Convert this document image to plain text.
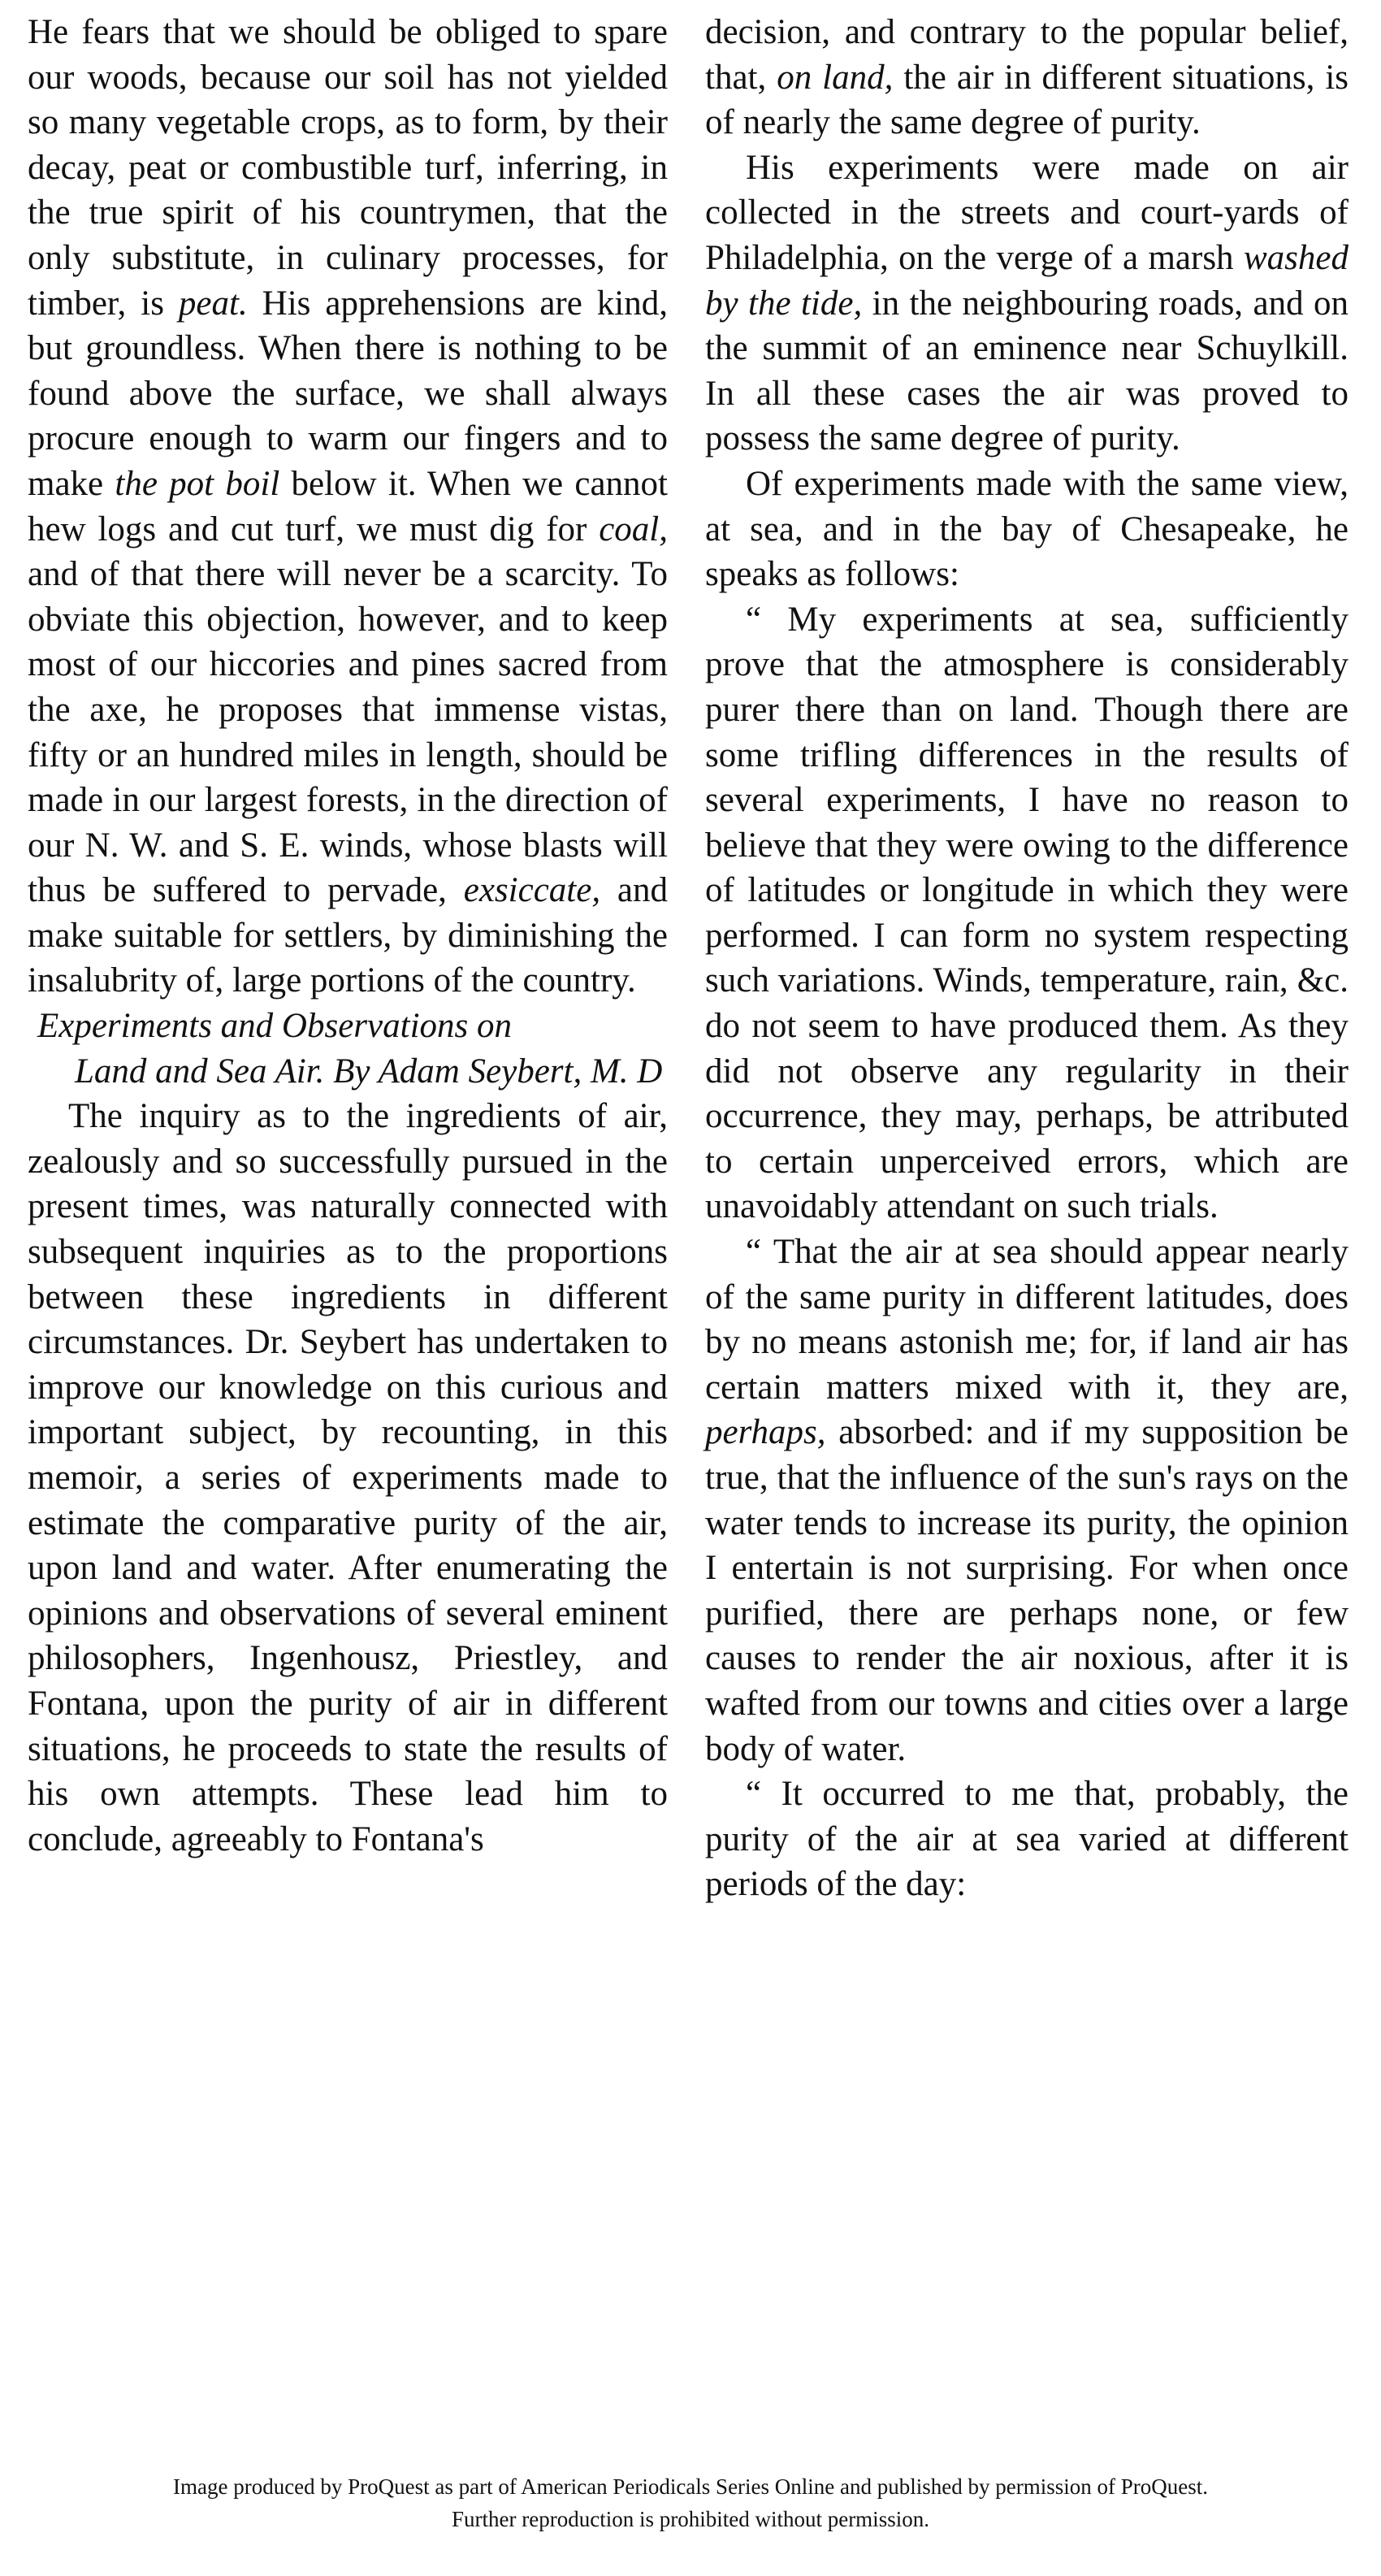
He fears that we should be obliged to spare our woods, because our soil has not yielded so many vegetable crops, as to form, by their decay, peat or combustible turf, inferring, in the true spirit of his countrymen, that the only substitute, in culinary processes, for timber, is peat. His apprehensions are kind, but groundless. When there is nothing to be found above the surface, we shall always procure enough to warm our fingers and to make the pot boil below it. When we cannot hew logs and cut turf, we must dig for coal, and of that there will never be a scarcity. To obviate this objection, however, and to keep most of our hiccories and pines sacred from the axe, he proposes that immense vistas, fifty or an hundred miles in length, should be made in our largest forests, in the direction of our N. W. and S. E. winds, whose blasts will thus be suffered to pervade, exsiccate, and make suitable for settlers, by diminishing the insalubrity of, large portions of the country.

Experiments and Observations on
Land and Sea Air. By Adam Seybert, M. D

The inquiry as to the ingredients of air, zealously and so successfully pursued in the present times, was naturally connected with subsequent inquiries as to the proportions between these ingredients in different circumstances. Dr. Seybert has undertaken to improve our knowledge on this curious and important subject, by recounting, in this memoir, a series of experiments made to estimate the comparative purity of the air, upon land and water. After enumerating the opinions and observations of several eminent philosophers, Ingenhousz, Priestley, and Fontana, upon the purity of air in different situations, he proceeds to state the results of his own attempts. These lead him to conclude, agreeably to Fontana's

decision, and contrary to the popular belief, that, on land, the air in different situations, is of nearly the same degree of purity.

His experiments were made on air collected in the streets and court-yards of Philadelphia, on the verge of a marsh washed by the tide, in the neighbouring roads, and on the summit of an eminence near Schuylkill. In all these cases the air was proved to possess the same degree of purity.

Of experiments made with the same view, at sea, and in the bay of Chesapeake, he speaks as follows:

“ My experiments at sea, sufficiently prove that the atmosphere is considerably purer there than on land. Though there are some trifling differences in the results of several experiments, I have no reason to believe that they were owing to the difference of latitudes or longitude in which they were performed. I can form no system respecting such variations. Winds, temperature, rain, &c. do not seem to have produced them. As they did not observe any regularity in their occurrence, they may, perhaps, be attributed to certain unperceived errors, which are unavoidably attendant on such trials.

“ That the air at sea should appear nearly of the same purity in different latitudes, does by no means astonish me; for, if land air has certain matters mixed with it, they are, perhaps, absorbed: and if my supposition be true, that the influence of the sun's rays on the water tends to increase its purity, the opinion I entertain is not surprising. For when once purified, there are perhaps none, or few causes to render the air noxious, after it is wafted from our towns and cities over a large body of water.

“ It occurred to me that, probably, the purity of the air at sea varied at different periods of the day:

Image produced by ProQuest as part of American Periodicals Series Online and published by permission of ProQuest.
Further reproduction is prohibited without permission.
